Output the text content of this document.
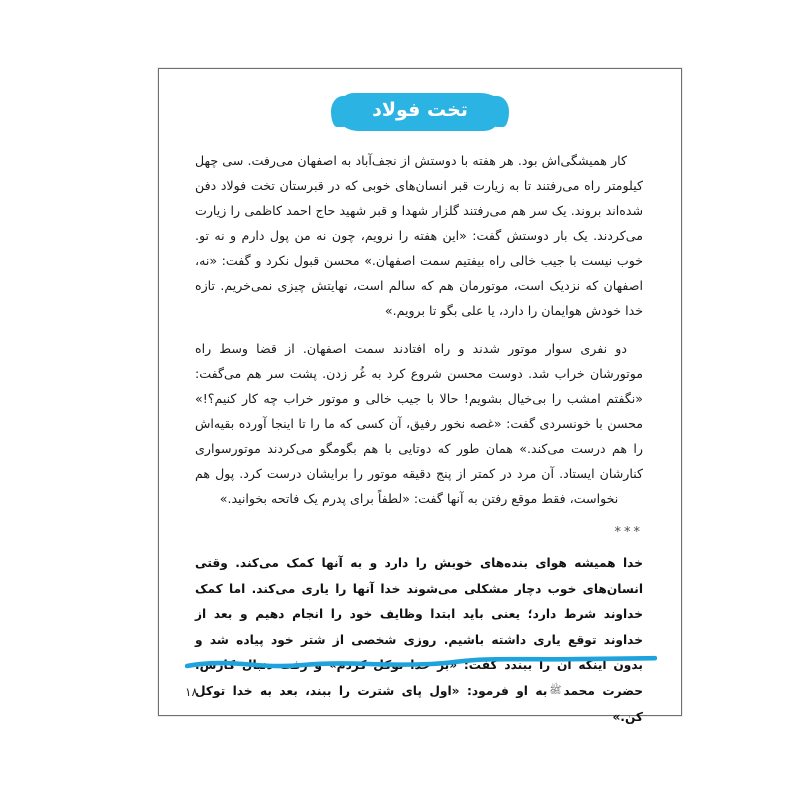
تخت فولاد

کار همیشگی‌اش بود. هر هفته با دوستش از نجف‌آباد به اصفهان می‌رفت. سی چهل کیلومتر راه می‌رفتند تا به زیارت قبر انسان‌های خوبی که در قبرستان تخت فولاد دفن شده‌اند بروند. یک سر هم می‌رفتند گلزار شهدا و قبر شهید حاج احمد کاظمی را زیارت می‌کردند. یک بار دوستش گفت: «این هفته را نرویم، چون نه من پول دارم و نه تو. خوب نیست با جیب خالی راه بیفتیم سمت اصفهان.» محسن قبول نکرد و گفت: «نه، اصفهان که نزدیک است، موتورمان هم که سالم است، نهایتش چیزی نمی‌خریم. تازه خدا خودش هوایمان را دارد، یا علی بگو تا برویم.»

دو نفری سوار موتور شدند و راه افتادند سمت اصفهان. از قضا وسط راه موتورشان خراب شد. دوست محسن شروع کرد به غُر زدن. پشت سر هم می‌گفت: «نگفتم امشب را بی‌خیال بشویم! حالا با جیب خالی و موتور خراب چه کار کنیم؟!» محسن با خونسردی گفت: «غصه نخور رفیق، آن کسی که ما را تا اینجا آورده بقیه‌اش را هم درست می‌کند.» همان طور که دوتایی با هم بگومگو می‌کردند موتورسواری کنارشان ایستاد. آن مرد در کمتر از پنج دقیقه موتور را برایشان درست کرد. پول هم نخواست، فقط موقع رفتن به آنها گفت: «لطفاً برای پدرم یک فاتحه بخوانید.»

***

خدا همیشه هوای بنده‌های خوبش را دارد و به آنها کمک می‌کند. وقتی انسان‌های خوب دچار مشکلی می‌شوند خدا آنها را یاری می‌کند. اما کمک خداوند شرط دارد؛ یعنی باید ابتدا وظایف خود را انجام دهیم و بعد از خداوند توقع یاری داشته باشیم. روزی شخصی از شتر خود پیاده شد و بدون اینکه آن را ببندد گفت: «بر خدا توکل کردم» و رفت دنبال کارش. حضرت محمدﷺبه او فرمود: «اول پای شترت را ببند، بعد به خدا توکل کن.»

۱۸
